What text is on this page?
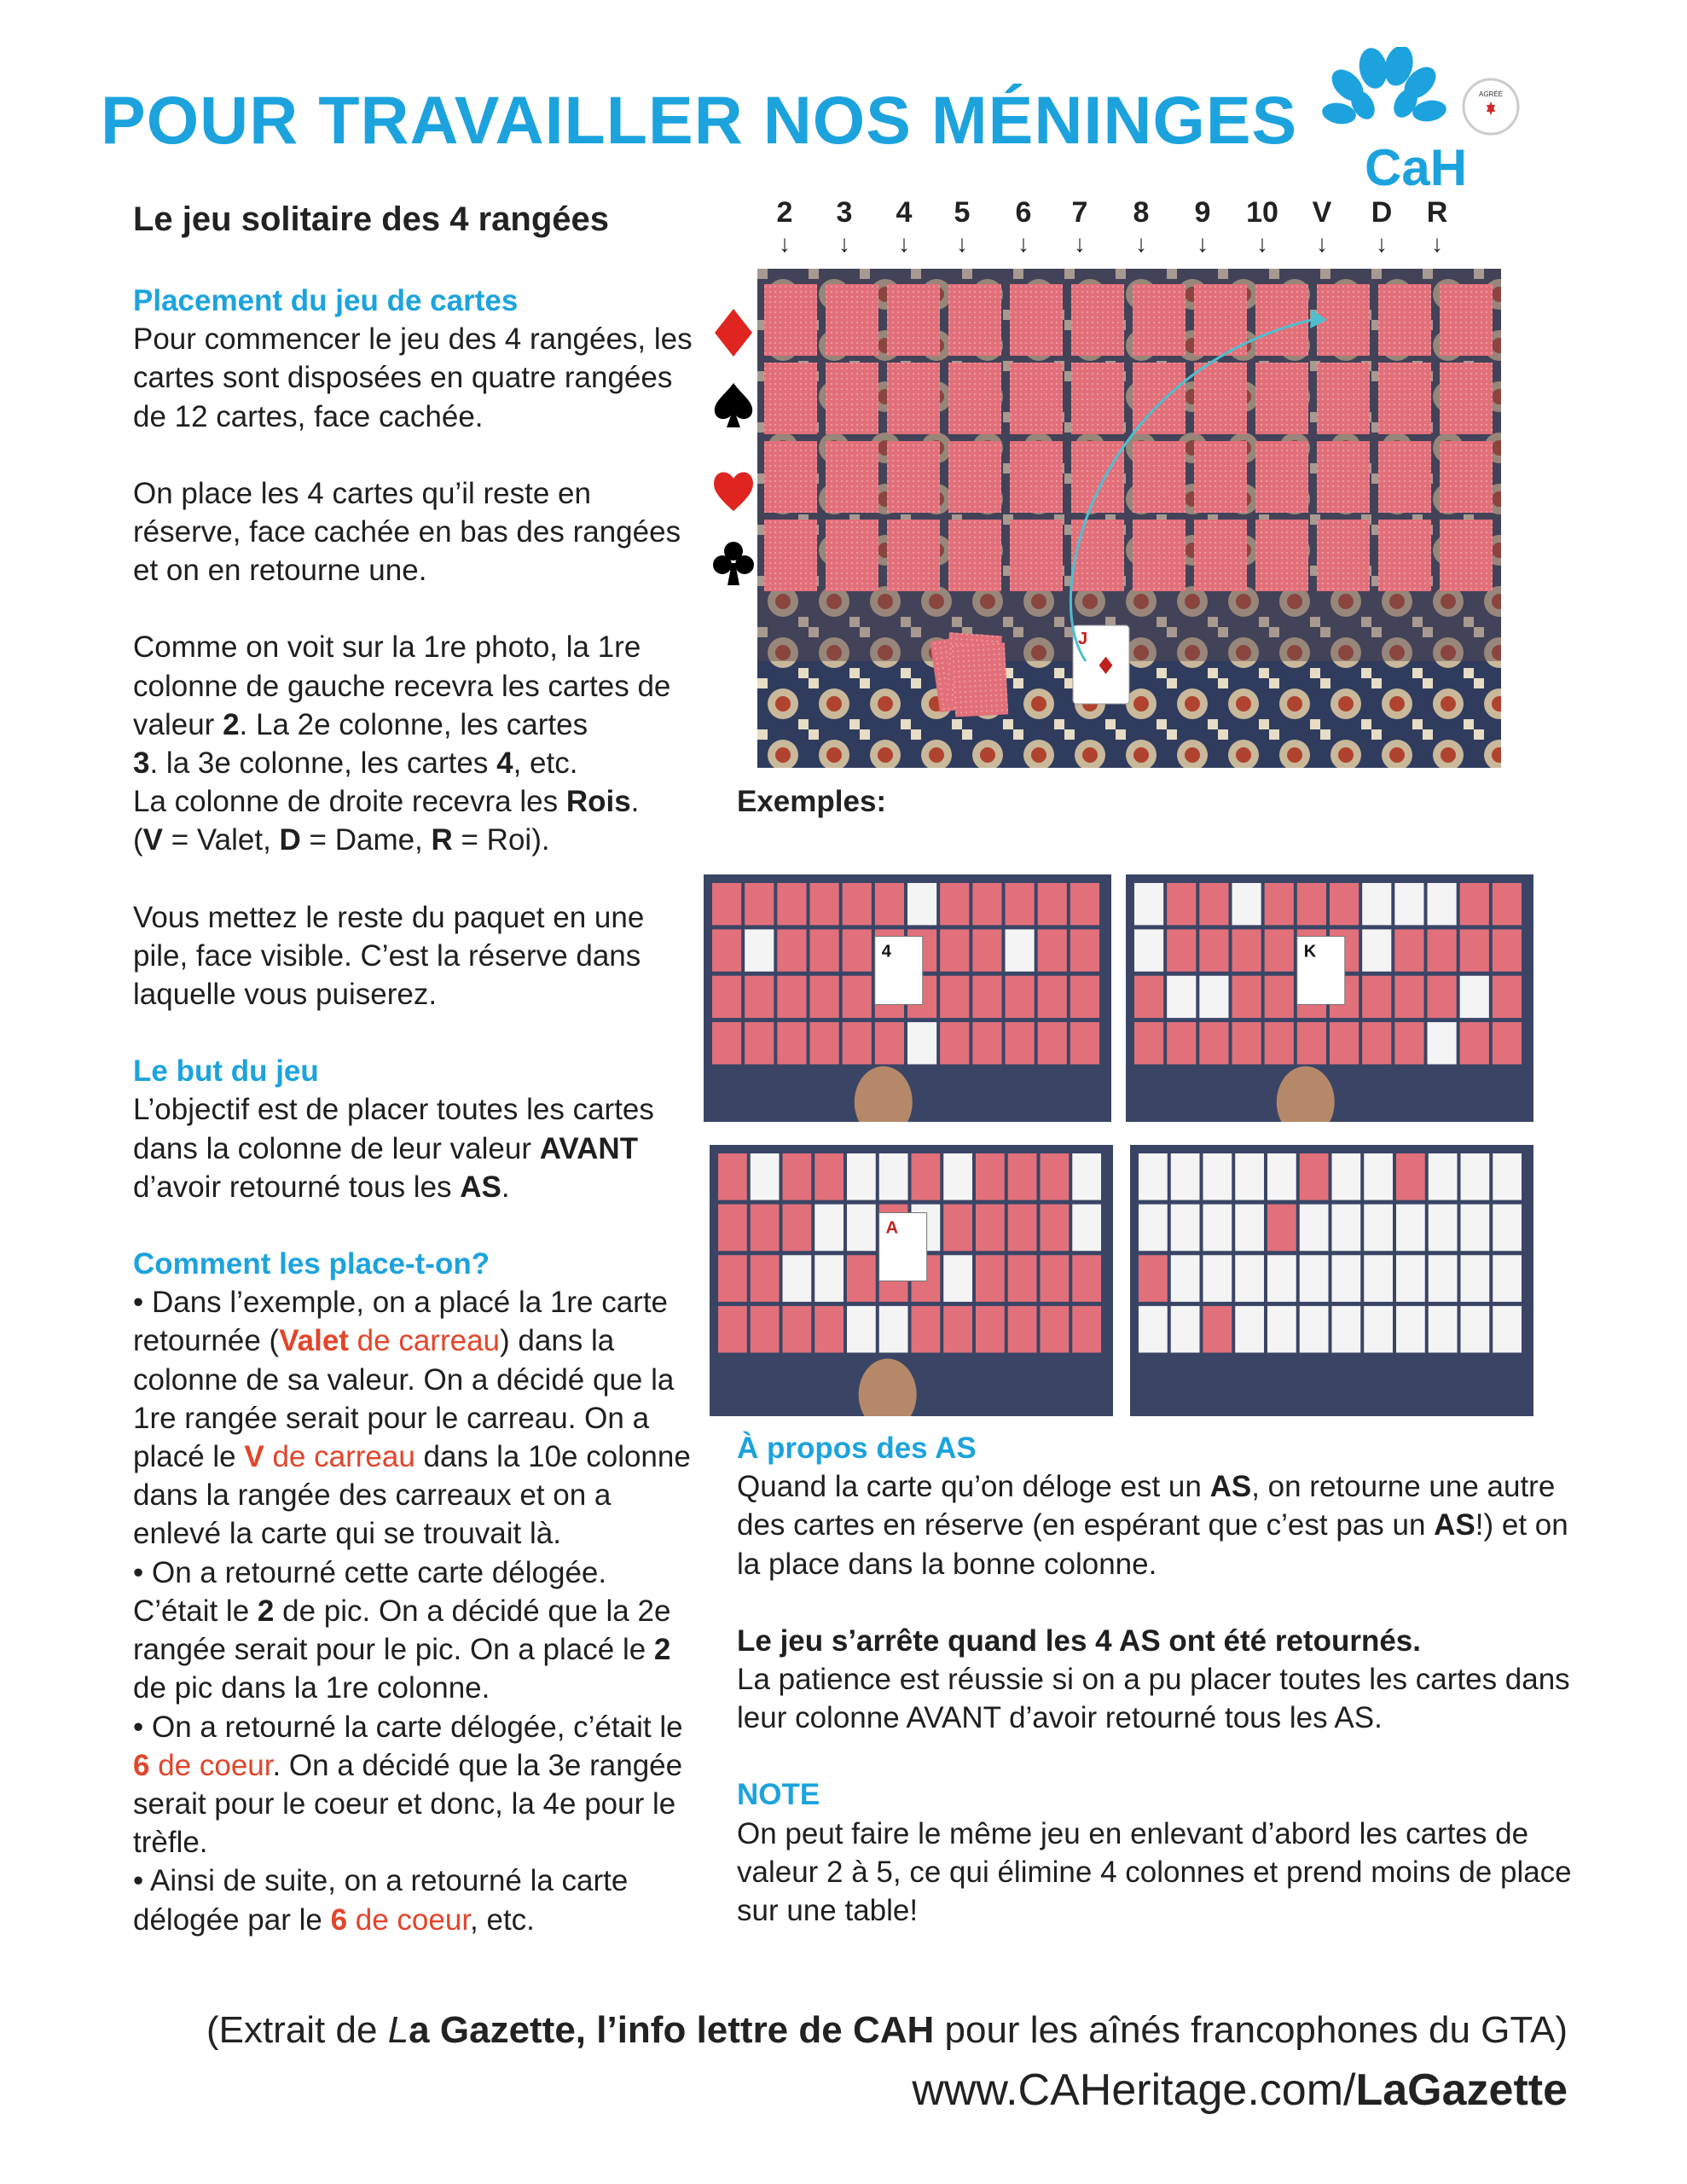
POUR TRAVAILLER NOS MÉNINGES
CaH
AGRÉÉ
Le jeu solitaire des 4 rangées

Placement du jeu de cartes
Pour commencer le jeu des 4 rangées, les cartes sont disposées en quatre rangées de 12 cartes, face cachée.

On place les 4 cartes qu’il reste en réserve, face cachée en bas des rangées et on en retourne une.

Comme on voit sur la 1re photo, la 1re colonne de gauche recevra les cartes de valeur 2. La 2e colonne, les cartes
3. la 3e colonne, les cartes 4, etc.
La colonne de droite recevra les Rois.
(V = Valet, D = Dame, R = Roi).

Vous mettez le reste du paquet en une pile, face visible. C’est la réserve dans laquelle vous puiserez.

Le but du jeu
L’objectif est de placer toutes les cartes dans la colonne de leur valeur AVANT d’avoir retourné tous les AS.

Comment les place-t-on?
• Dans l’exemple, on a placé la 1re carte retournée (Valet de carreau) dans la colonne de sa valeur. On a décidé que la 1re rangée serait pour le carreau. On a placé le V de carreau dans la 10e colonne dans la rangée des carreaux et on a enlevé la carte qui se trouvait là.
• On a retourné cette carte délogée. C’était le 2 de pic. On a décidé que la 2e rangée serait pour le pic. On a placé le 2 de pic dans la 1re colonne.
• On a retourné la carte délogée, c’était le 6 de coeur. On a décidé que la 3e rangée serait pour le coeur et donc, la 4e pour le trèfle.
• Ainsi de suite, on a retourné la carte délogée par le 6 de coeur, etc.
2	3	4	5	6	7	8	9	10	V	D	R
↓	↓	↓	↓	↓	↓	↓	↓	↓	↓	↓	↓
J
♦
Exemples:
4	K
A

À propos des AS
Quand la carte qu’on déloge est un AS, on retourne une autre des cartes en réserve (en espérant que c’est pas un AS!) et on la place dans la bonne colonne.

Le jeu s’arrête quand les 4 AS ont été retournés.
La patience est réussie si on a pu placer toutes les cartes dans leur colonne AVANT d’avoir retourné tous les AS.

NOTE
On peut faire le même jeu en enlevant d’abord les cartes de valeur 2 à 5, ce qui élimine 4 colonnes et prend moins de place sur une table!

(Extrait de La Gazette, l’info lettre de CAH pour les aînés francophones du GTA)
www.CAHeritage.com/LaGazette
